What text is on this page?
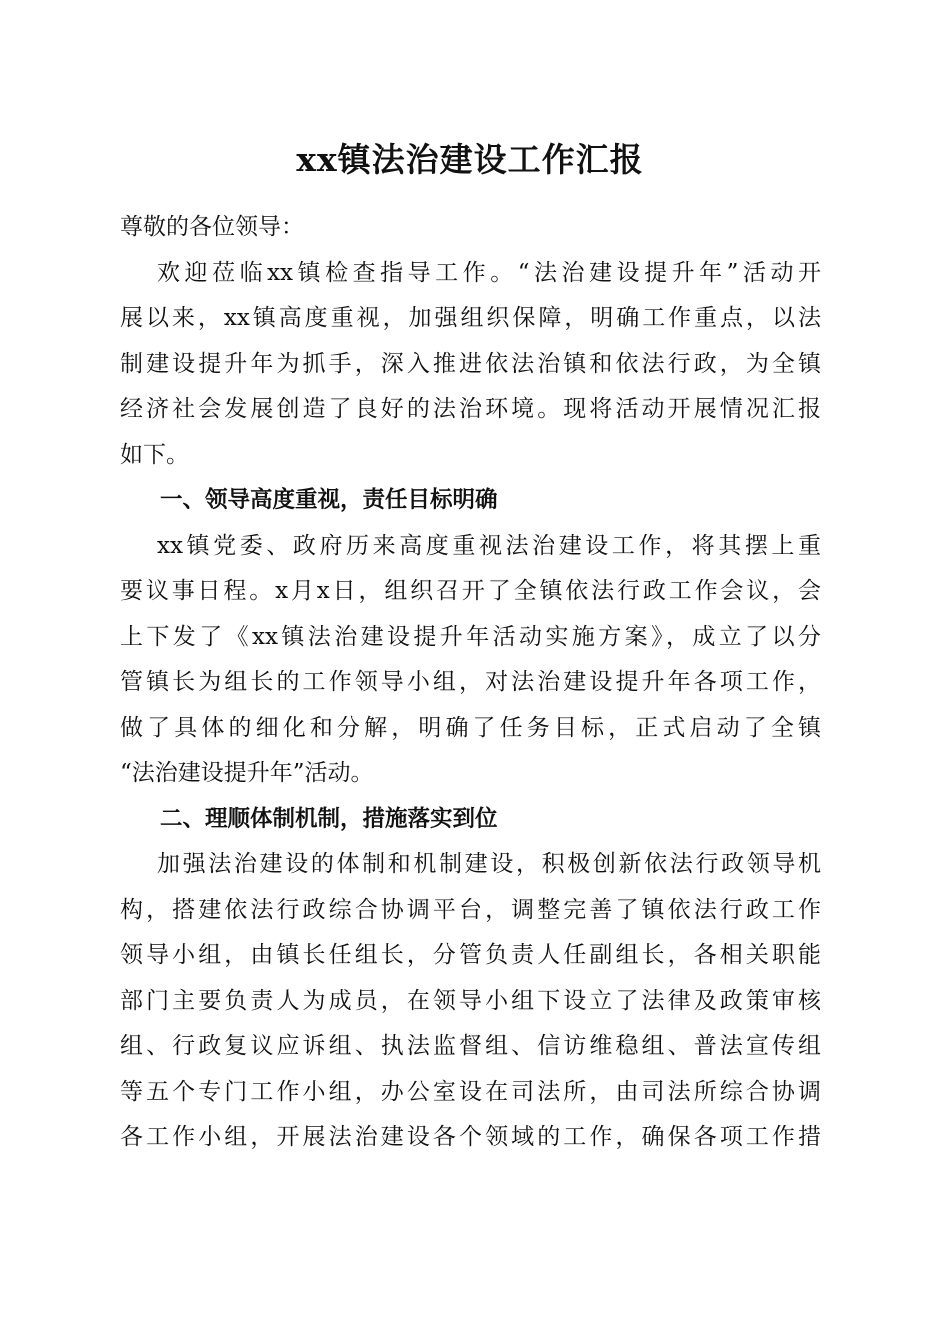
xx镇法治建设工作汇报
尊敬的各位领导：
欢迎莅临xx镇检查指导工作。“法治建设提升年”活动开
展以来，xx镇高度重视，加强组织保障，明确工作重点，以法
制建设提升年为抓手，深入推进依法治镇和依法行政，为全镇
经济社会发展创造了良好的法治环境。现将活动开展情况汇报
如下。
一、领导高度重视，责任目标明确
xx镇党委、政府历来高度重视法治建设工作，将其摆上重
要议事日程。x月x日，组织召开了全镇依法行政工作会议，会
上下发了《xx镇法治建设提升年活动实施方案》，成立了以分
管镇长为组长的工作领导小组，对法治建设提升年各项工作，
做了具体的细化和分解，明确了任务目标，正式启动了全镇
“法治建设提升年”活动。
二、理顺体制机制，措施落实到位
加强法治建设的体制和机制建设，积极创新依法行政领导机
构，搭建依法行政综合协调平台，调整完善了镇依法行政工作
领导小组，由镇长任组长，分管负责人任副组长，各相关职能
部门主要负责人为成员，在领导小组下设立了法律及政策审核
组、行政复议应诉组、执法监督组、信访维稳组、普法宣传组
等五个专门工作小组，办公室设在司法所，由司法所综合协调
各工作小组，开展法治建设各个领域的工作，确保各项工作措
